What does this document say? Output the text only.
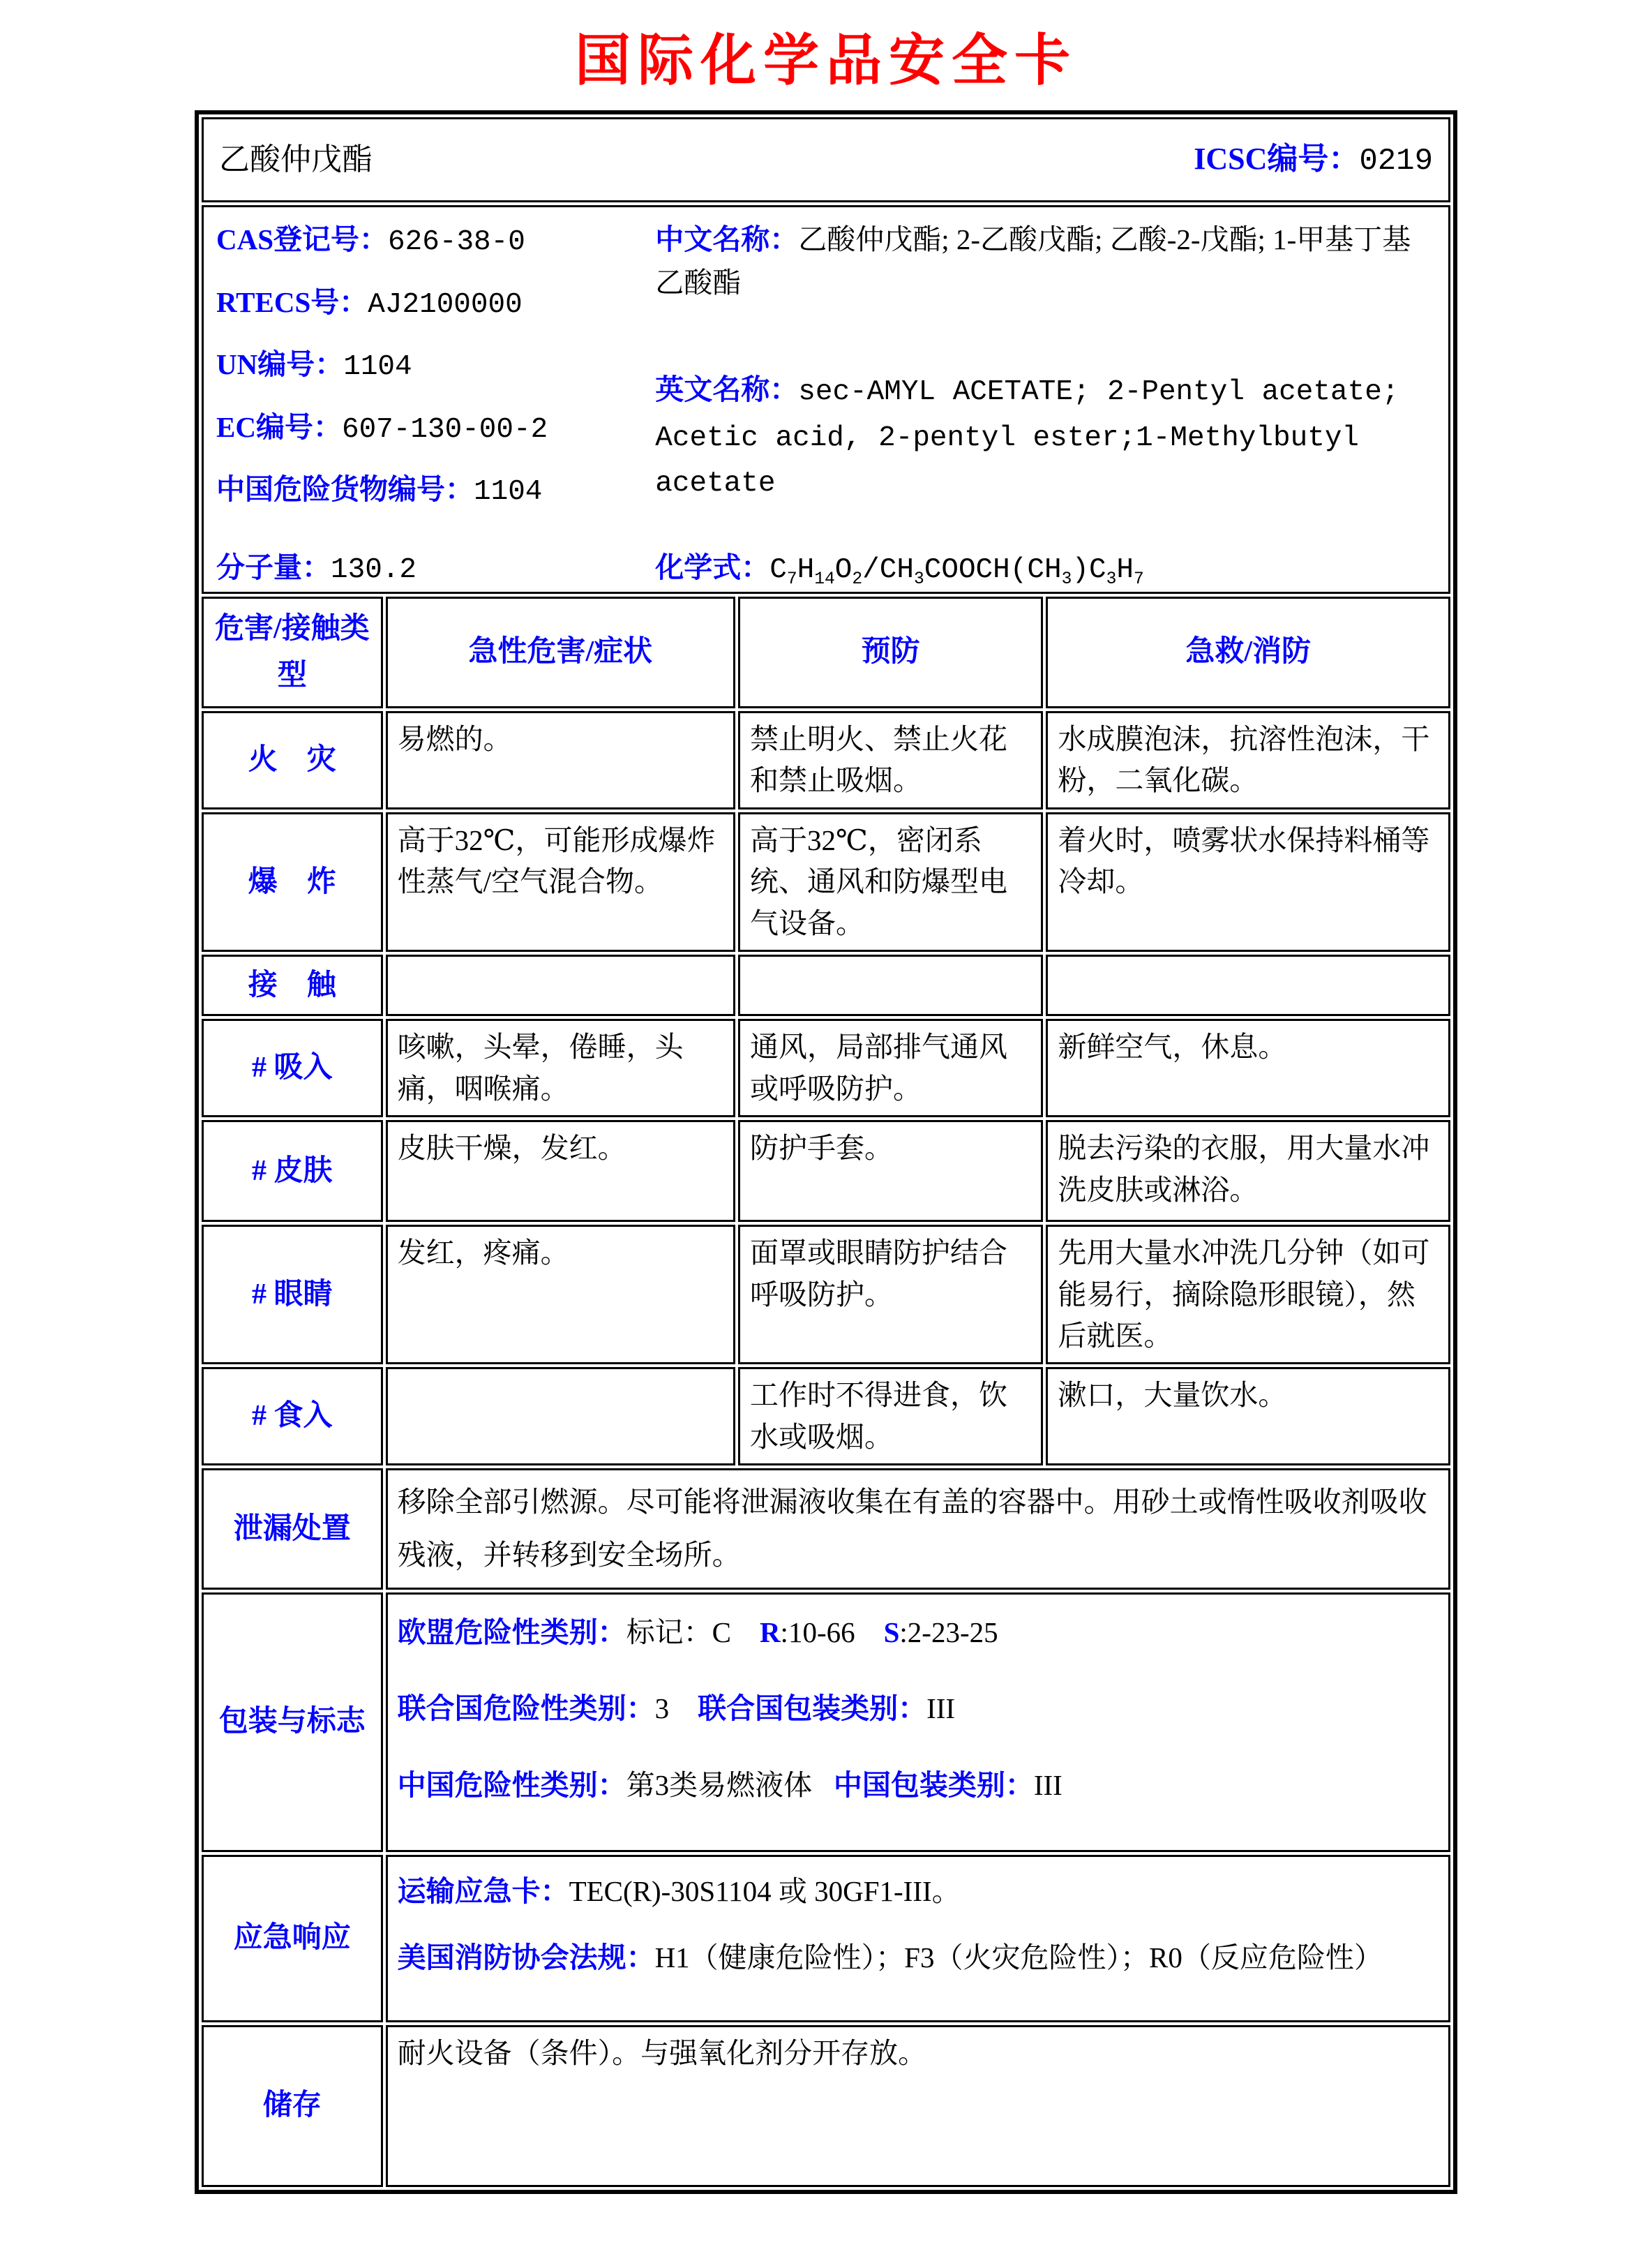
国际化学品安全卡
乙酸仲戊酯 ICSC编号：0219			

CAS登记号：626-38-0
RTECS号：AJ2100000
UN编号：1104
EC编号：607-130-00-2
中国危险货物编号：1104
中文名称：乙酸仲戊酯; 2-乙酸戊酯; 乙酸-2-戊酯; 1-甲基丁基乙酸酯
英文名称：sec-AMYL ACETATE; 2-Pentyl acetate; Acetic acid, 2-pentyl ester;1-Methylbutyl acetate
分子量：130.2	化学式：$C_7H_{14}O_2/CH_3COOCH(CH_3)C_3H_7$

危害/接触类型	急性危害/症状	预防	急救/消防
火　灾	易燃的。	禁止明火、禁止火花和禁止吸烟。	水成膜泡沫，抗溶性泡沫，干粉，二氧化碳。
爆　炸	高于32℃，可能形成爆炸性蒸气/空气混合物。	高于32℃，密闭系统、通风和防爆型电气设备。	着火时，喷雾状水保持料桶等冷却。
接　触			
# 吸入	咳嗽，头晕，倦睡，头痛，咽喉痛。	通风，局部排气通风或呼吸防护。	新鲜空气，休息。
# 皮肤	皮肤干燥，发红。	防护手套。	脱去污染的衣服，用大量水冲洗皮肤或淋浴。
# 眼睛	发红，疼痛。	面罩或眼睛防护结合呼吸防护。	先用大量水冲洗几分钟（如可能易行，摘除隐形眼镜），然后就医。
# 食入		工作时不得进食，饮水或吸烟。	漱口，大量饮水。
泄漏处置	移除全部引燃源。尽可能将泄漏液收集在有盖的容器中。用砂土或惰性吸收剂吸收残液，并转移到安全场所。		
包装与标志	欧盟危险性类别：标记：C    R:10-66    S:2-23-25
联合国危险性类别：3    联合国包装类别：III
中国危险性类别：第3类易燃液体   中国包装类别：III		

应急响应	运输应急卡：TEC(R)-30S1104 或 30GF1-III。
美国消防协会法规：H1（健康危险性）；F3（火灾危险性）；R0（反应危险性）		

储存	耐火设备（条件）。与强氧化剂分开存放。		
